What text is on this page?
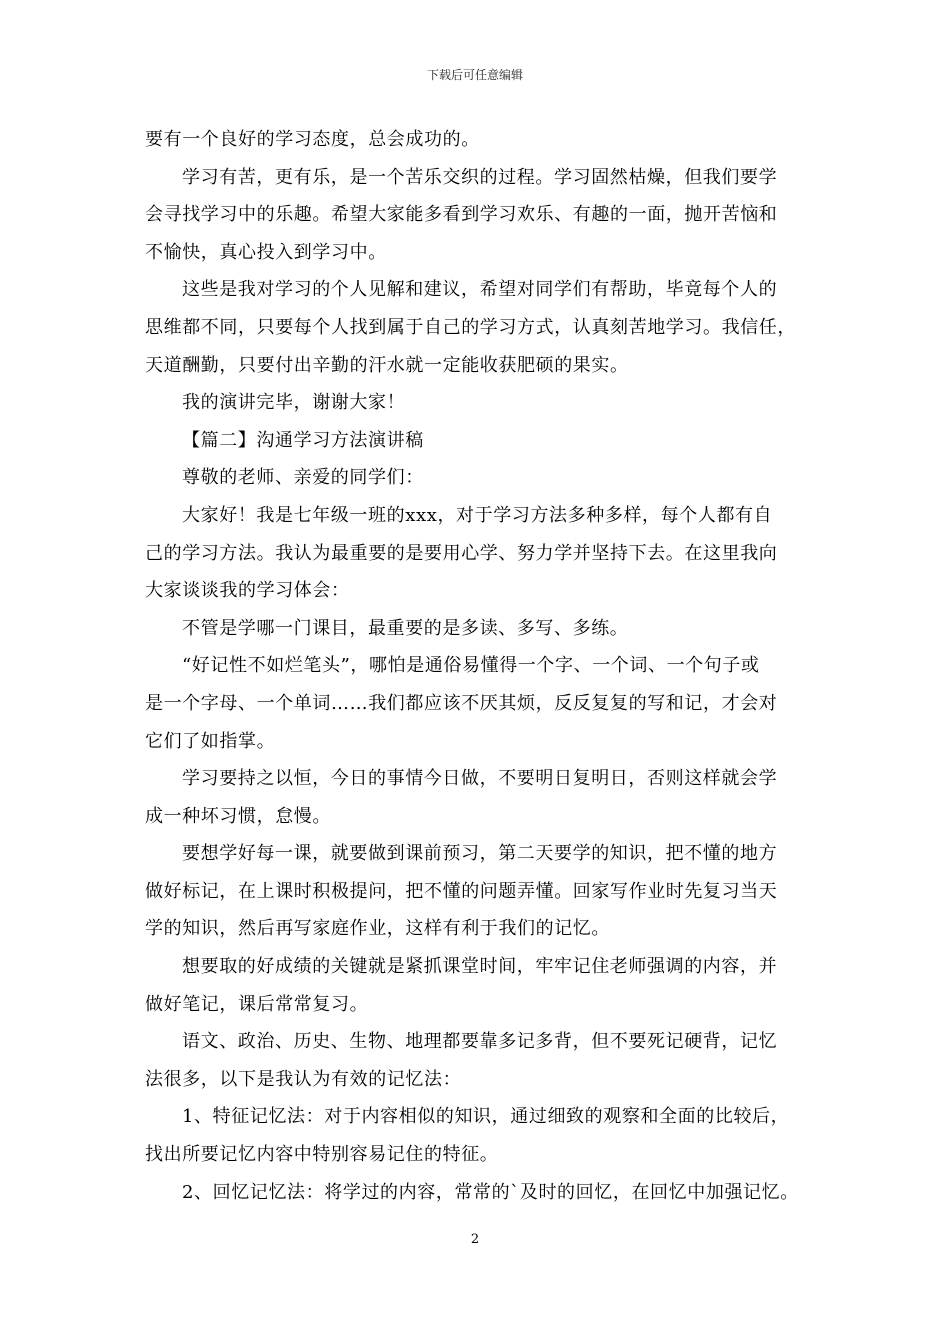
下载后可任意编辑
要有一个良好的学习态度，总会成功的。
学习有苦，更有乐，是一个苦乐交织的过程。学习固然枯燥，但我们要学
会寻找学习中的乐趣。希望大家能多看到学习欢乐、有趣的一面，抛开苦恼和
不愉快，真心投入到学习中。
这些是我对学习的个人见解和建议，希望对同学们有帮助，毕竟每个人的
思维都不同，只要每个人找到属于自己的学习方式，认真刻苦地学习。我信任，
天道酬勤，只要付出辛勤的汗水就一定能收获肥硕的果实。
我的演讲完毕，谢谢大家！
【篇二】沟通学习方法演讲稿
尊敬的老师、亲爱的同学们：
大家好！我是七年级一班的xxx，对于学习方法多种多样，每个人都有自
己的学习方法。我认为最重要的是要用心学、努力学并坚持下去。在这里我向
大家谈谈我的学习体会：
不管是学哪一门课目，最重要的是多读、多写、多练。
“好记性不如烂笔头”，哪怕是通俗易懂得一个字、一个词、一个句子或
是一个字母、一个单词……我们都应该不厌其烦，反反复复的写和记，才会对
它们了如指掌。
学习要持之以恒，今日的事情今日做，不要明日复明日，否则这样就会学
成一种坏习惯，怠慢。
要想学好每一课，就要做到课前预习，第二天要学的知识，把不懂的地方
做好标记，在上课时积极提问，把不懂的问题弄懂。回家写作业时先复习当天
学的知识，然后再写家庭作业，这样有利于我们的记忆。
想要取的好成绩的关键就是紧抓课堂时间，牢牢记住老师强调的内容，并
做好笔记，课后常常复习。
语文、政治、历史、生物、地理都要靠多记多背，但不要死记硬背，记忆
法很多，以下是我认为有效的记忆法：
1、特征记忆法：对于内容相似的知识，通过细致的观察和全面的比较后，
找出所要记忆内容中特别容易记住的特征。
2、回忆记忆法：将学过的内容，常常的`及时的回忆，在回忆中加强记忆。
2
